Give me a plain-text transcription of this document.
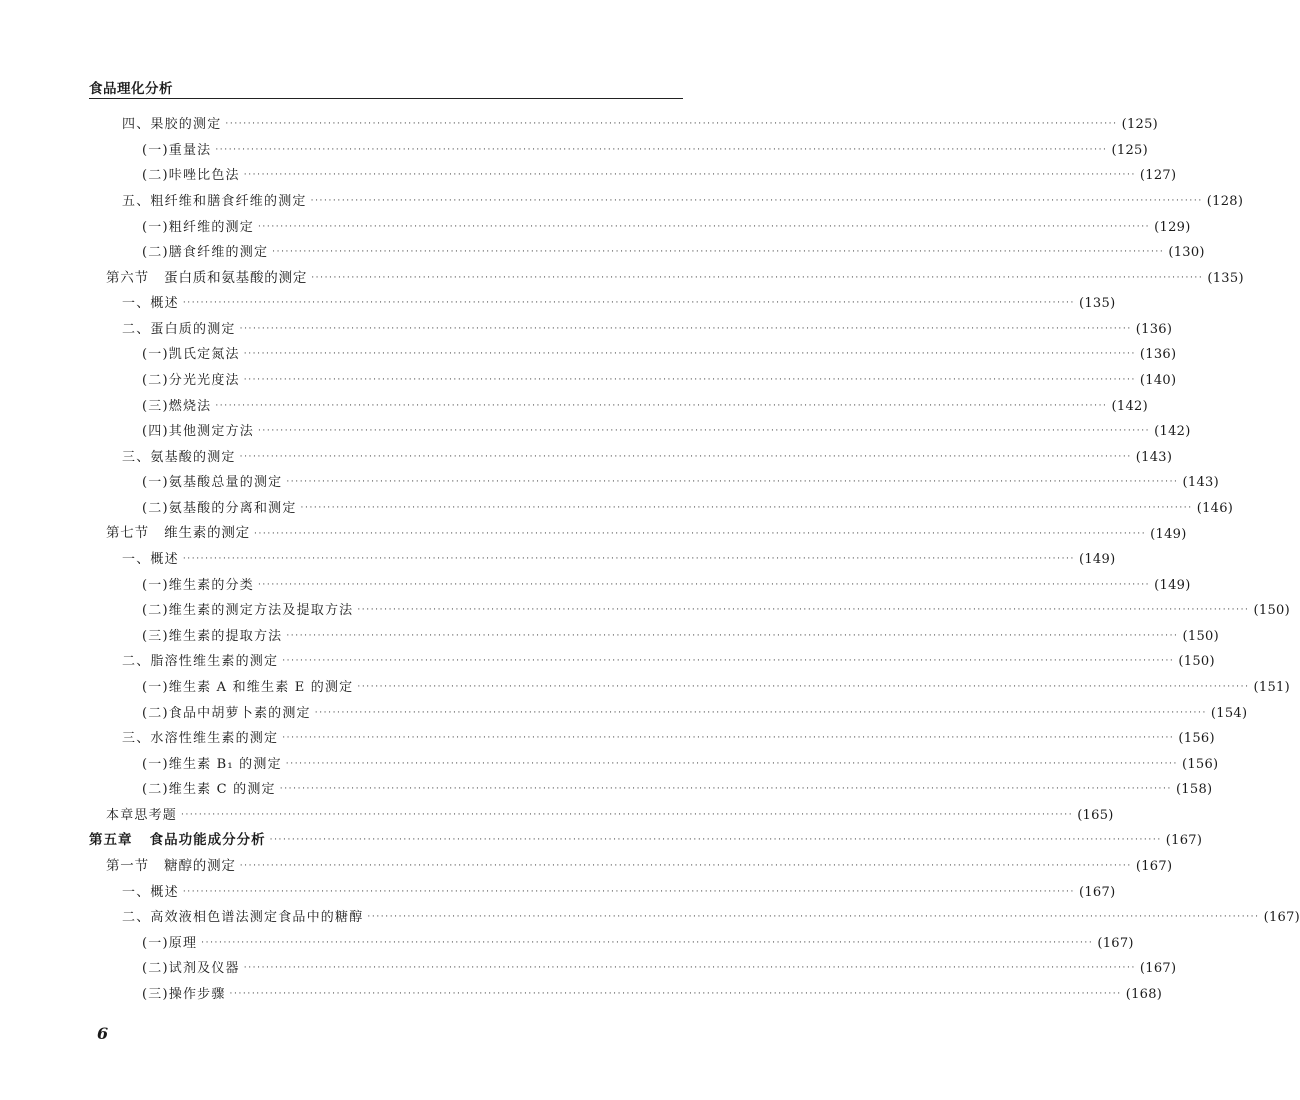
食品理化分析
四、果胶的测定 ········································································································································································································ (125)
(一)重量法 ········································································································································································································ (125)
(二)咔唑比色法 ········································································································································································································ (127)
五、粗纤维和膳食纤维的测定 ········································································································································································································ (128)
(一)粗纤维的测定 ········································································································································································································ (129)
(二)膳食纤维的测定 ········································································································································································································ (130)
第六节   蛋白质和氨基酸的测定 ········································································································································································································ (135)
一、概述 ········································································································································································································ (135)
二、蛋白质的测定 ········································································································································································································ (136)
(一)凯氏定氮法 ········································································································································································································ (136)
(二)分光光度法 ········································································································································································································ (140)
(三)燃烧法 ········································································································································································································ (142)
(四)其他测定方法 ········································································································································································································ (142)
三、氨基酸的测定 ········································································································································································································ (143)
(一)氨基酸总量的测定 ········································································································································································································ (143)
(二)氨基酸的分离和测定 ········································································································································································································ (146)
第七节   维生素的测定 ········································································································································································································ (149)
一、概述 ········································································································································································································ (149)
(一)维生素的分类 ········································································································································································································ (149)
(二)维生素的测定方法及提取方法 ········································································································································································································ (150)
(三)维生素的提取方法 ········································································································································································································ (150)
二、脂溶性维生素的测定 ········································································································································································································ (150)
(一)维生素 A 和维生素 E 的测定 ········································································································································································································ (151)
(二)食品中胡萝卜素的测定 ········································································································································································································ (154)
三、水溶性维生素的测定 ········································································································································································································ (156)
(一)维生素 B₁ 的测定 ········································································································································································································ (156)
(二)维生素 C 的测定 ········································································································································································································ (158)
本章思考题 ········································································································································································································ (165)
第五章   食品功能成分分析 ········································································································································································································ (167)
第一节   糖醇的测定 ········································································································································································································ (167)
一、概述 ········································································································································································································ (167)
二、高效液相色谱法测定食品中的糖醇 ········································································································································································································ (167)
(一)原理 ········································································································································································································ (167)
(二)试剂及仪器 ········································································································································································································ (167)
(三)操作步骤 ········································································································································································································ (168)
6
